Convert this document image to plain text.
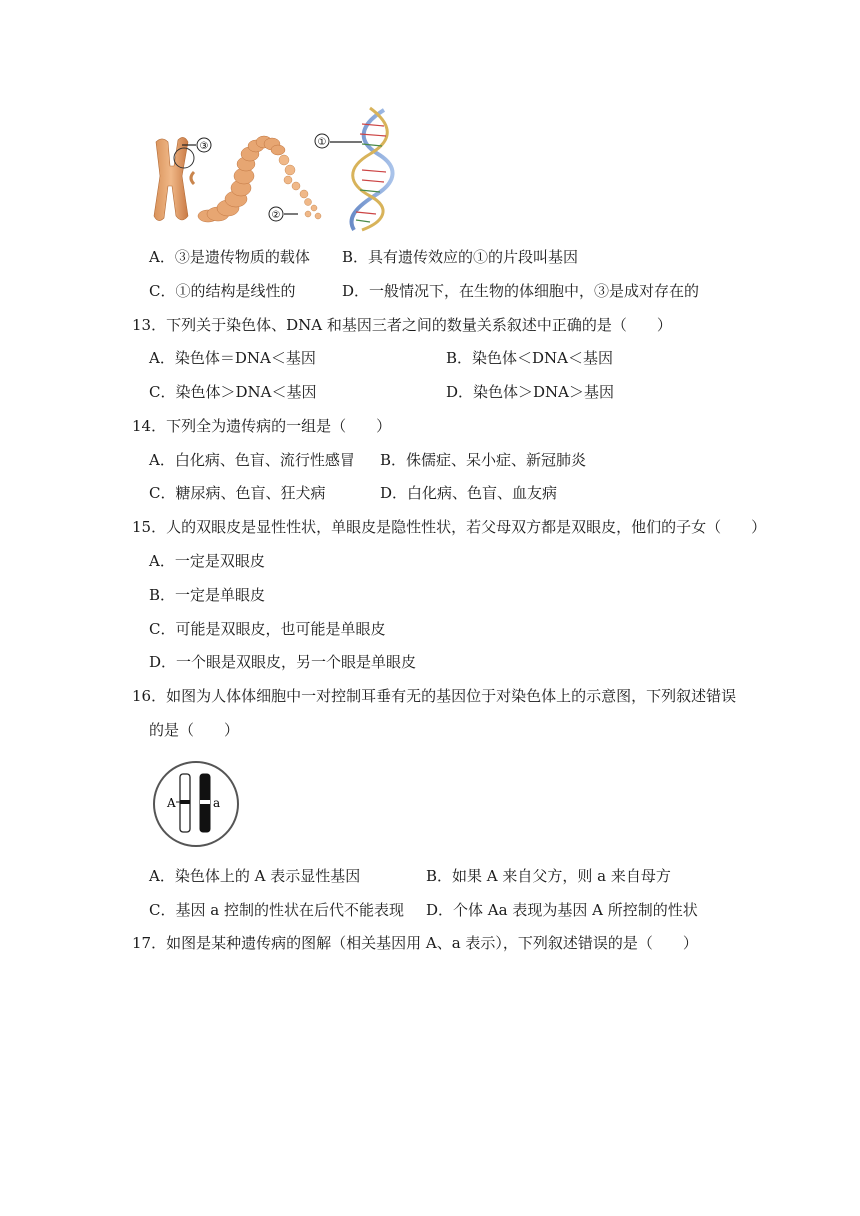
③
②
①
A．③是遗传物质的载体 B．具有遗传效应的①的片段叫基因
C．①的结构是线性的	D．一般情况下，在生物的体细胞中，③是成对存在的
13．下列关于染色体、DNA 和基因三者之间的数量关系叙述中正确的是（　　）
A．染色体＝DNA＜基因	B．染色体＜DNA＜基因
C．染色体＞DNA＜基因	D．染色体＞DNA＞基因
14．下列全为遗传病的一组是（　　）
A．白化病、色盲、流行性感冒 B．侏儒症、呆小症、新冠肺炎
C．糖尿病、色盲、狂犬病	D．白化病、色盲、血友病
15．人的双眼皮是显性性状，单眼皮是隐性性状，若父母双方都是双眼皮，他们的子女（　　）
A．一定是双眼皮
B．一定是单眼皮
C．可能是双眼皮，也可能是单眼皮
D．一个眼是双眼皮，另一个眼是单眼皮
16．如图为人体体细胞中一对控制耳垂有无的基因位于对染色体上的示意图，下列叙述错误
的是（　　）
A	a
A．染色体上的 A 表示显性基因	B．如果 A 来自父方，则 a 来自母方
C．基因 a 控制的性状在后代不能表现 D．个体 Aa 表现为基因 A 所控制的性状
17．如图是某种遗传病的图解（相关基因用 A、a 表示），下列叙述错误的是（　　）
